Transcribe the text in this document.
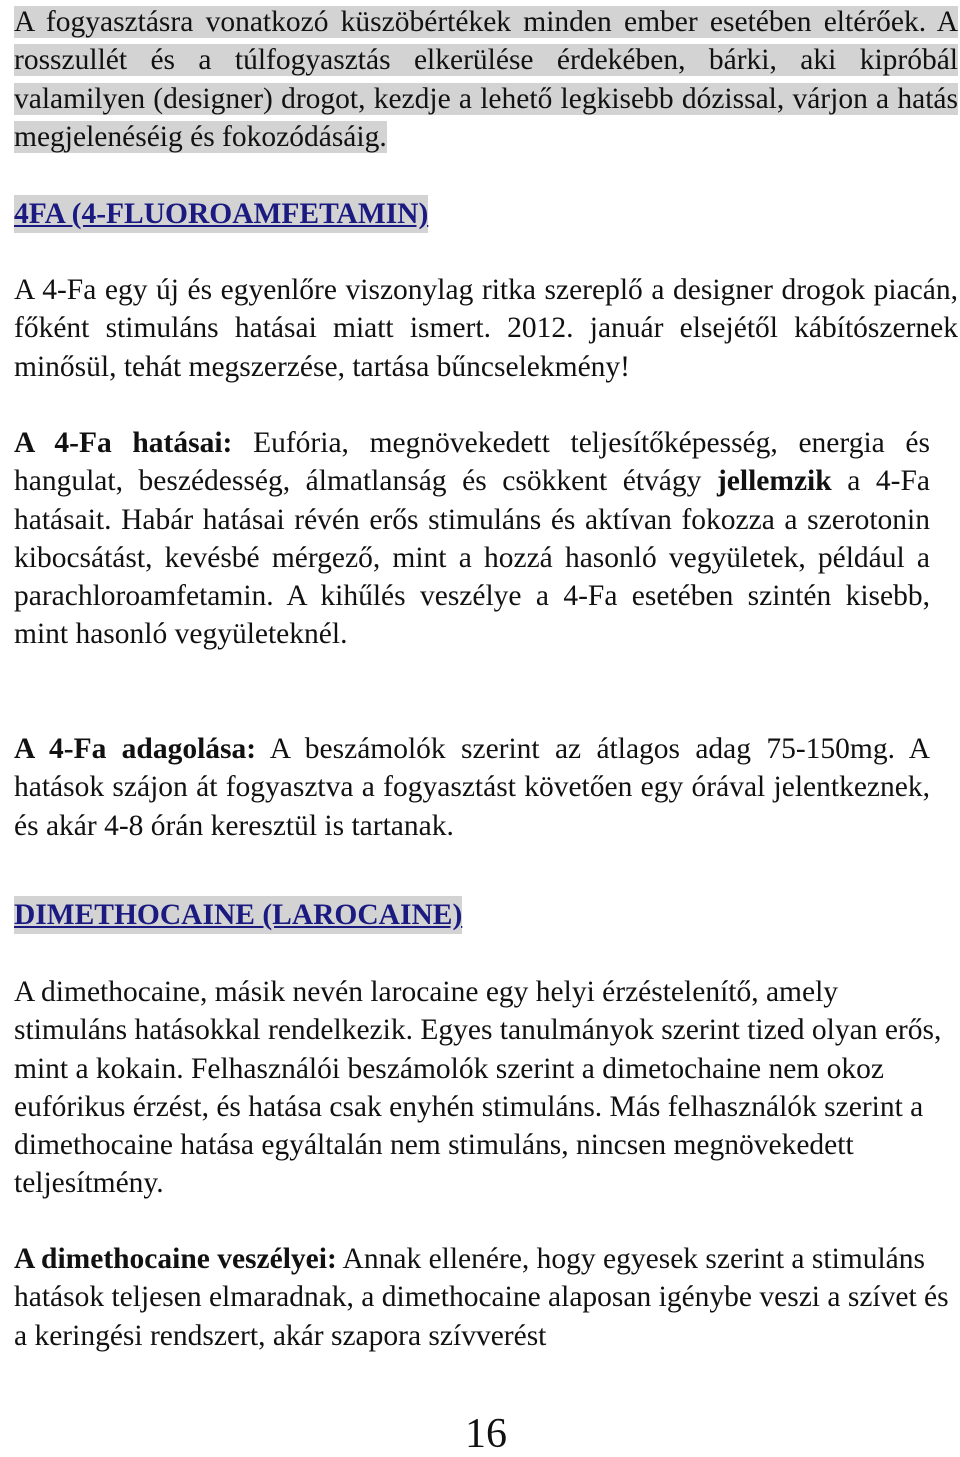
A fogyasztásra vonatkozó küszöbértékek minden ember esetében eltérőek. A rosszullét és a túlfogyasztás elkerülése érdekében, bárki, aki kipróbál valamilyen (designer) drogot, kezdje a lehető legkisebb dózissal, várjon a hatás megjelenéséig és fokozódásáig.

4FA (4-FLUOROAMFETAMIN)

A 4-Fa egy új és egyenlőre viszonylag ritka szereplő a designer drogok piacán, főként stimuláns hatásai miatt ismert. 2012. január elsejétől kábítószernek minősül, tehát megszerzése, tartása bűncselekmény!

A 4-Fa hatásai: Eufória, megnövekedett teljesítőképesség, energia és hangulat, beszédesség, álmatlanság és csökkent étvágy jellemzik a 4-Fa hatásait. Habár hatásai révén erős stimuláns és aktívan fokozza a szerotonin kibocsátást, kevésbé mérgező, mint a hozzá hasonló vegyületek, például a parachloroamfetamin. A kihűlés veszélye a 4-Fa esetében szintén kisebb, mint hasonló vegyületeknél.

A 4-Fa adagolása: A beszámolók szerint az átlagos adag 75-150mg. A hatások szájon át fogyasztva a fogyasztást követően egy órával jelentkeznek, és akár 4-8 órán keresztül is tartanak.

DIMETHOCAINE (LAROCAINE)

A dimethocaine, másik nevén larocaine egy helyi érzéstelenítő, amely stimuláns hatásokkal rendelkezik. Egyes tanulmányok szerint tized olyan erős, mint a kokain. Felhasználói beszámolók szerint a dimetochaine nem okoz eufórikus érzést, és hatása csak enyhén stimuláns. Más felhasználók szerint a dimethocaine hatása egyáltalán nem stimuláns, nincsen megnövekedett teljesítmény.

A dimethocaine veszélyei: Annak ellenére, hogy egyesek szerint a stimuláns hatások teljesen elmaradnak, a dimethocaine alaposan igénybe veszi a szívet és a keringési rendszert, akár szapora szívverést

16
